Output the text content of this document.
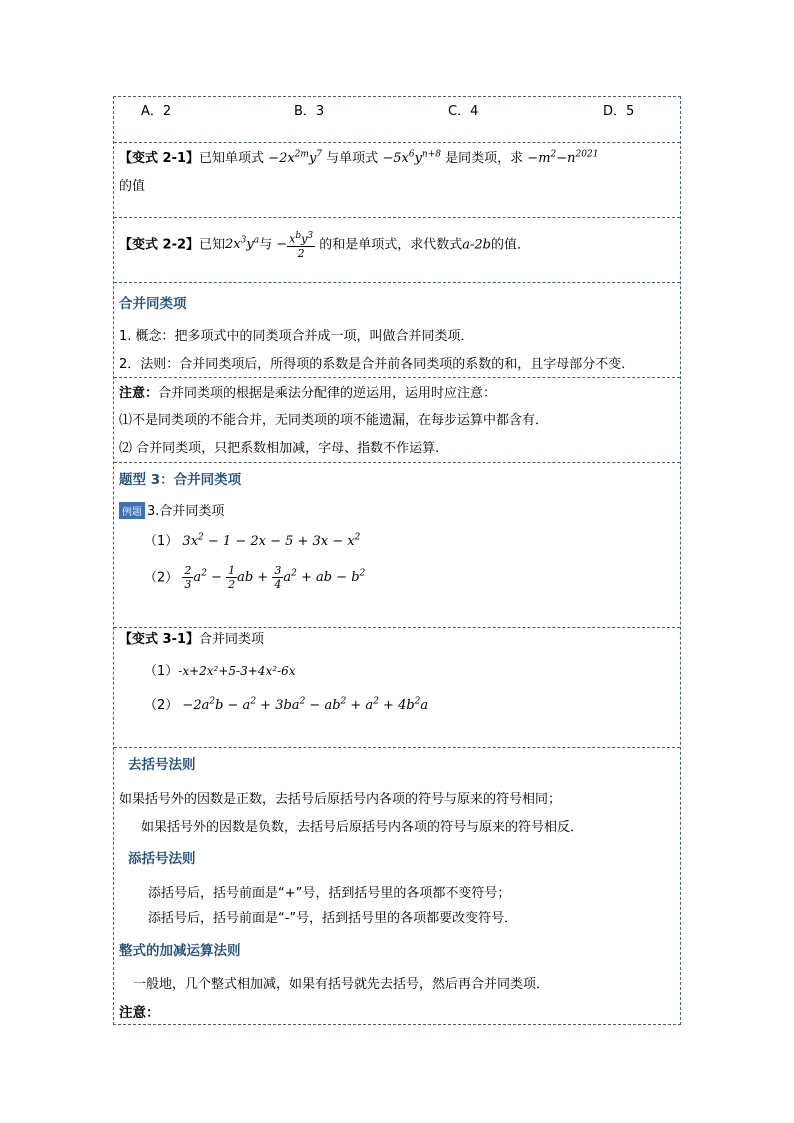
A．2	B．3	C．4	D．5
【变式 2-1】已知单项式 $-2x^{2m}y^7$ 与单项式 $-5x^6y^{n+8}$ 是同类项，求 $-m^2-n^{2021}$
的值
【变式 2-2】已知$2x^3y^a$与 − $\frac{x^by^3}{2}$ 的和是单项式，求代数式a-2b的值．
合并同类项
1. 概念：把多项式中的同类项合并成一项，叫做合并同类项．
2．法则：合并同类项后，所得项的系数是合并前各同类项的系数的和，且字母部分不变．
注意：合并同类项的根据是乘法分配律的逆运用，运用时应注意：
⑴不是同类项的不能合并，无同类项的项不能遗漏，在每步运算中都含有．
⑵ 合并同类项，只把系数相加减，字母、指数不作运算.
题型 3：合并同类项
例题 3.合并同类项
（1） $3x^2 - 1 - 2x - 5 + 3x - x^2$
$(2) \frac{2}{3} a^2 - \frac{1}{2}$ ab + $\frac{3}{4} a^2$ + ab − $b^2$
【变式 3-1】合并同类项
（1）-x+2x²+5-3+4x²-6x
$(2) -2a^2b - a^2 + 3ba^2 - ab^2 + a^2 + 4b^2a$
去括号法则
如果括号外的因数是正数，去括号后原括号内各项的符号与原来的符号相同；
如果括号外的因数是负数，去括号后原括号内各项的符号与原来的符号相反．
添括号法则
添括号后，括号前面是“+”号，括到括号里的各项都不变符号；
添括号后，括号前面是“-”号，括到括号里的各项都要改变符号．
整式的加减运算法则
一般地，几个整式相加减，如果有括号就先去括号，然后再合并同类项．
注意：
